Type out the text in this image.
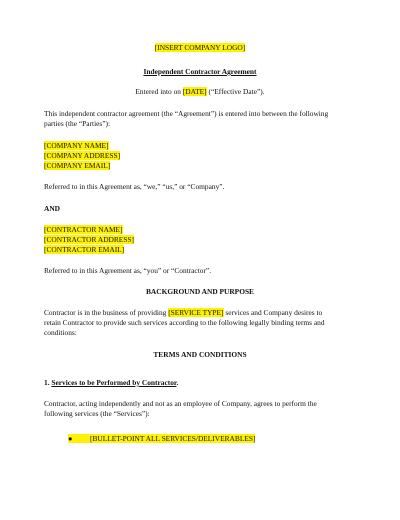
[INSERT COMPANY LOGO]
Independent Contractor Agreement
Entered into on [DATE] (“Effective Date”).
This independent contractor agreement (the “Agreement”) is entered into between the following
parties (the “Parties”):
[COMPANY NAME]
[COMPANY ADDRESS]
[COMPANY EMAIL]
Referred to in this Agreement as, “we,” “us,” or “Company”.
AND
[CONTRACTOR NAME]
[CONTRACTOR ADDRESS]
[CONTRACTOR EMAIL]
Referred to in this Agreement as, “you” or “Contractor”.
BACKGROUND AND PURPOSE
Contractor is in the business of providing [SERVICE TYPE] services and Company desires to
retain Contractor to provide such services according to the following legally binding terms and
conditions:
TERMS AND CONDITIONS
1. Services to be Performed by Contractor.
Contractor, acting independently and not as an employee of Company, agrees to perform the
following services (the “Services”):
● [BULLET-POINT ALL SERVICES/DELIVERABLES]
